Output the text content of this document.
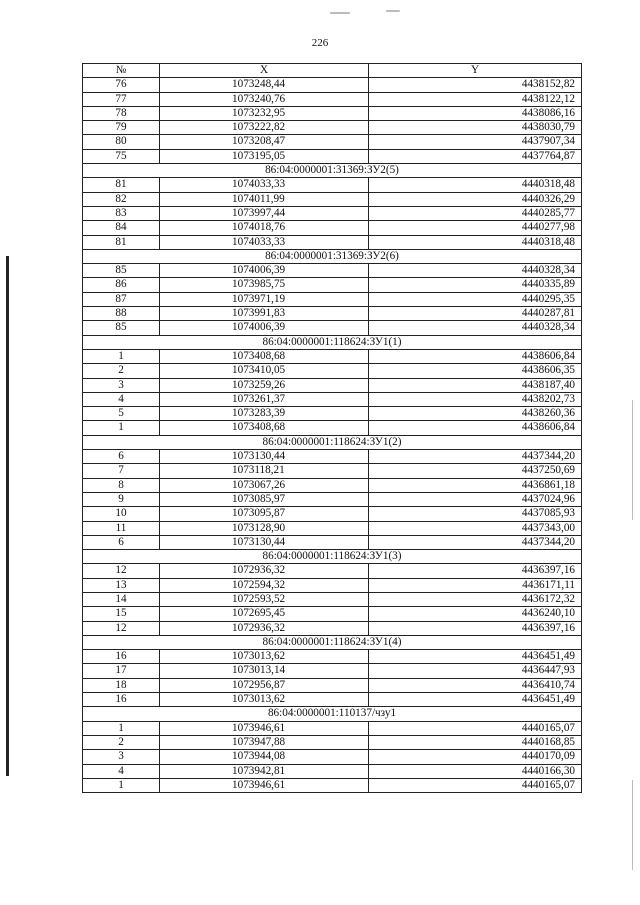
226
№	X	Y
76	1073248,44	4438152,82
77	1073240,76	4438122,12
78	1073232,95	4438086,16
79	1073222,82	4438030,79
80	1073208,47	4437907,34
75	1073195,05	4437764,87
86:04:0000001:31369:ЗУ2(5)		
81	1074033,33	4440318,48
82	1074011,99	4440326,29
83	1073997,44	4440285,77
84	1074018,76	4440277,98
81	1074033,33	4440318,48
86:04:0000001:31369:ЗУ2(6)		
85	1074006,39	4440328,34
86	1073985,75	4440335,89
87	1073971,19	4440295,35
88	1073991,83	4440287,81
85	1074006,39	4440328,34
86:04:0000001:118624:ЗУ1(1)		
1	1073408,68	4438606,84
2	1073410,05	4438606,35
3	1073259,26	4438187,40
4	1073261,37	4438202,73
5	1073283,39	4438260,36
1	1073408,68	4438606,84
86:04:0000001:118624:ЗУ1(2)		
6	1073130,44	4437344,20
7	1073118,21	4437250,69
8	1073067,26	4436861,18
9	1073085,97	4437024,96
10	1073095,87	4437085,93
11	1073128,90	4437343,00
6	1073130,44	4437344,20
86:04:0000001:118624:ЗУ1(3)		
12	1072936,32	4436397,16
13	1072594,32	4436171,11
14	1072593,52	4436172,32
15	1072695,45	4436240,10
12	1072936,32	4436397,16
86:04:0000001:118624:ЗУ1(4)		
16	1073013,62	4436451,49
17	1073013,14	4436447,93
18	1072956,87	4436410,74
16	1073013,62	4436451,49
86:04:0000001:110137/чзу1		
1	1073946,61	4440165,07
2	1073947,88	4440168,85
3	1073944,08	4440170,09
4	1073942,81	4440166,30
1	1073946,61	4440165,07
